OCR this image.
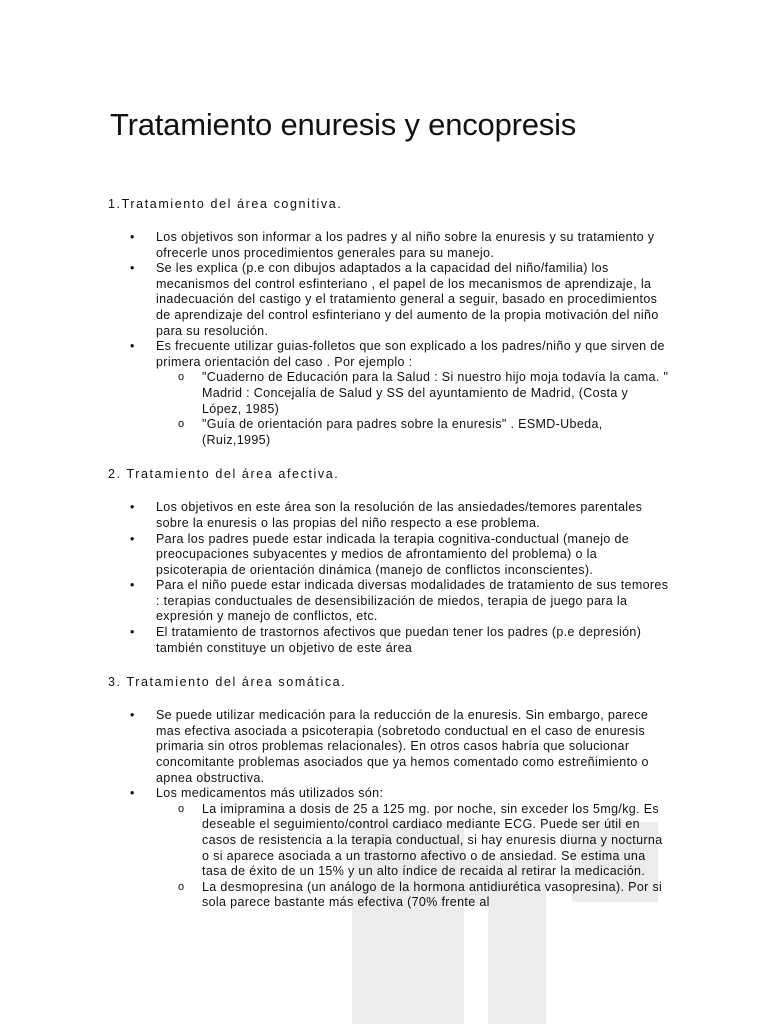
Tratamiento enuresis y encopresis
1.Tratamiento del área cognitiva.
• Los objetivos son informar a los padres y al niño sobre la enuresis y su tratamiento y ofrecerle unos procedimientos generales para su manejo.
• Se les explica (p.e con dibujos adaptados a la capacidad del niño/familia) los mecanismos del control esfinteriano , el papel de los mecanismos de aprendizaje, la inadecuación del castigo y el tratamiento general a seguir, basado en procedimientos de aprendizaje del control esfinteriano y del aumento de la propia motivación del niño para su resolución.
• Es frecuente utilizar guias-folletos que son explicado a los padres/niño y que sirven de primera orientación del caso . Por ejemplo :
o "Cuaderno de Educación para la Salud : Si nuestro hijo moja todavía la cama. " Madrid : Concejalía de Salud y SS del ayuntamiento de Madrid, (Costa y López, 1985)
o "Guía de orientación para padres sobre la enuresis" . ESMD-Ubeda, (Ruiz,1995)
2. Tratamiento del área afectiva.
• Los objetivos en este área son la resolución de las ansiedades/temores parentales sobre la enuresis o las propias del niño respecto a ese problema.
• Para los padres puede estar indicada la terapia cognitiva-conductual (manejo de preocupaciones subyacentes y medios de afrontamiento del problema) o la psicoterapia de orientación dinámica (manejo de conflictos inconscientes).
• Para el niño puede estar indicada diversas modalidades de tratamiento de sus temores : terapias conductuales de desensibilización de miedos, terapia de juego para la expresión y manejo de conflictos, etc.
• El tratamiento de trastornos afectivos que puedan tener los padres (p.e depresión) también constituye un objetivo de este área
3. Tratamiento del área somática.
• Se puede utilizar medicación para la reducción de la enuresis. Sin embargo, parece mas efectiva asociada a psicoterapia (sobretodo conductual en el caso de enuresis primaria sin otros problemas relacionales). En otros casos habría que solucionar concomitante problemas asociados que ya hemos comentado como estreñimiento o apnea obstructiva.
• Los medicamentos más utilizados són:
o La imipramina a dosis de 25 a 125 mg. por noche, sin exceder los 5mg/kg. Es deseable el seguimiento/control cardiaco mediante ECG. Puede ser útil en casos de resistencia a la terapia conductual, si hay enuresis diurna y nocturna o si aparece asociada a un trastorno afectivo o de ansiedad. Se estima una tasa de éxito de un 15% y un alto índice de recaida al retirar la medicación.
o La desmopresina (un análogo de la hormona antidiurética vasopresina). Por si sola parece bastante más efectiva (70% frente al
